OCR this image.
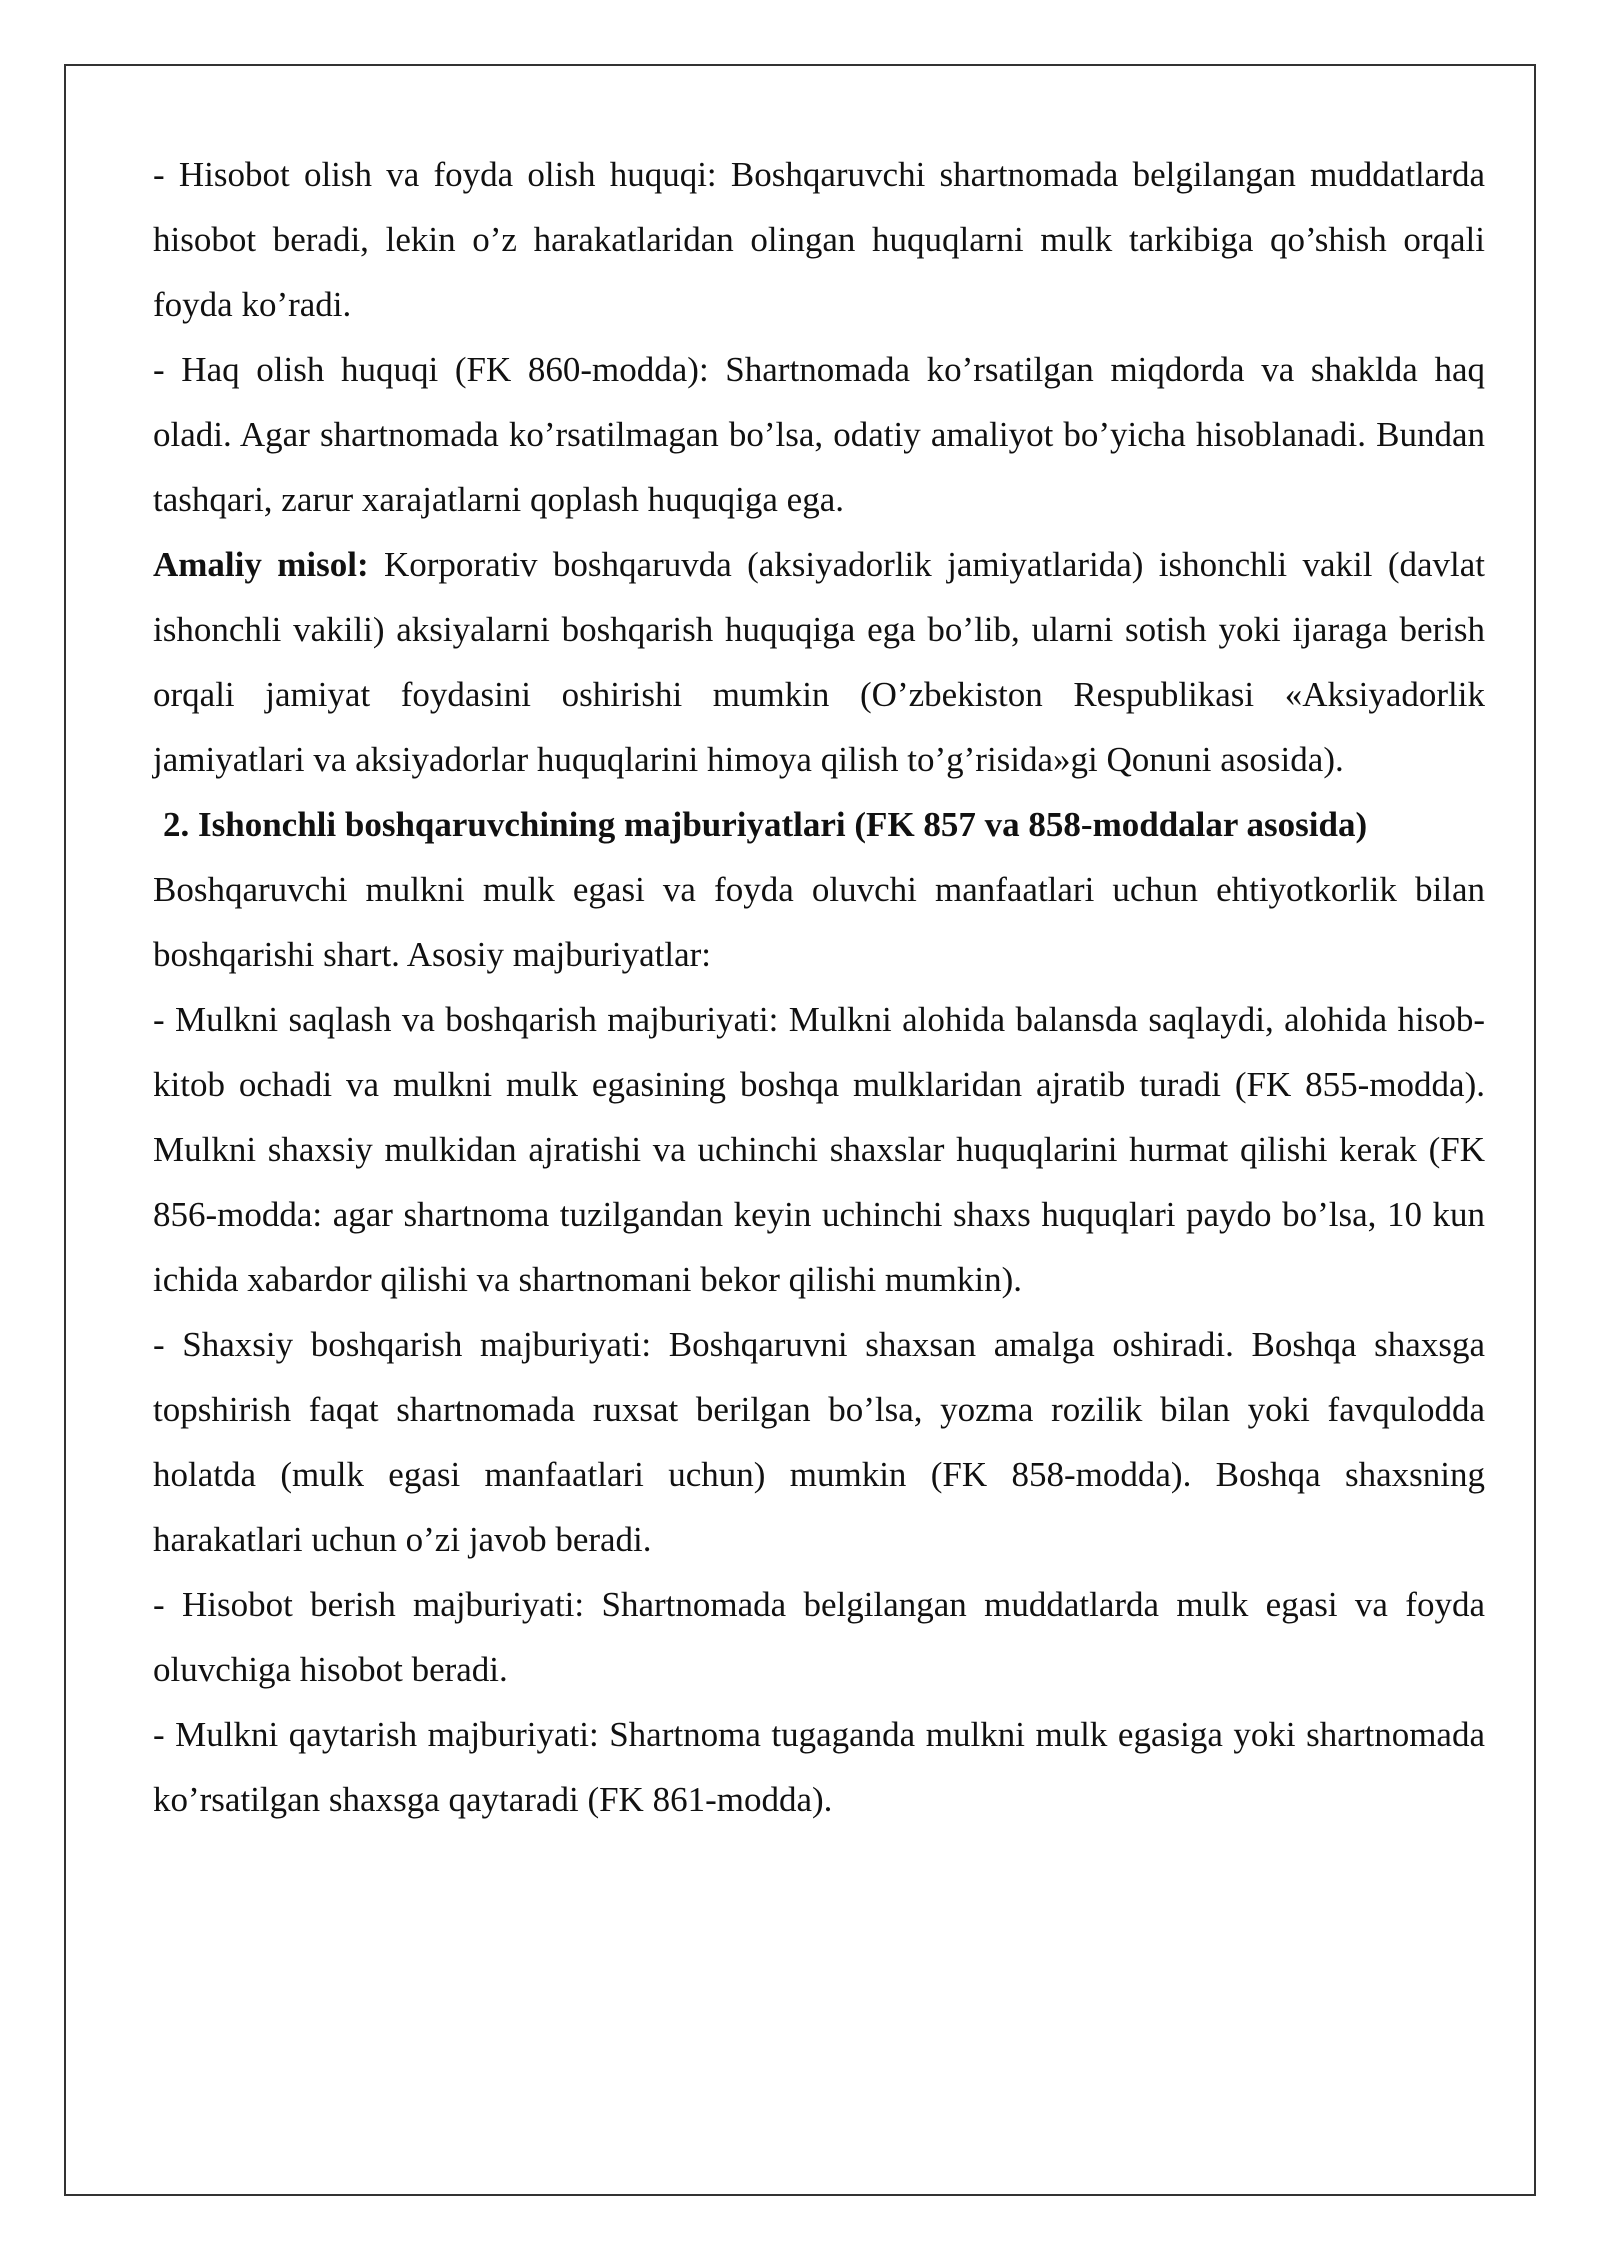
- Hisobot olish va foyda olish huquqi: Boshqaruvchi shartnomada belgilangan muddatlarda hisobot beradi, lekin o’z harakatlaridan olingan huquqlarni mulk tarkibiga qo’shish orqali foyda ko’radi.

- Haq olish huquqi (FK 860-modda): Shartnomada ko’rsatilgan miqdorda va shaklda haq oladi. Agar shartnomada ko’rsatilmagan bo’lsa, odatiy amaliyot bo’yicha hisoblanadi. Bundan tashqari, zarur xarajatlarni qoplash huquqiga ega.

Amaliy misol: Korporativ boshqaruvda (aksiyadorlik jamiyatlarida) ishonchli vakil (davlat ishonchli vakili) aksiyalarni boshqarish huquqiga ega bo’lib, ularni sotish yoki ijaraga berish orqali jamiyat foydasini oshirishi mumkin (O’zbekiston Respublikasi «Aksiyadorlik jamiyatlari va aksiyadorlar huquqlarini himoya qilish to’g’risida»gi Qonuni asosida).

2. Ishonchli boshqaruvchining majburiyatlari (FK 857 va 858-moddalar asosida)

Boshqaruvchi mulkni mulk egasi va foyda oluvchi manfaatlari uchun ehtiyotkorlik bilan boshqarishi shart. Asosiy majburiyatlar:

- Mulkni saqlash va boshqarish majburiyati: Mulkni alohida balansda saqlaydi, alohida hisob-kitob ochadi va mulkni mulk egasining boshqa mulklaridan ajratib turadi (FK 855-modda). Mulkni shaxsiy mulkidan ajratishi va uchinchi shaxslar huquqlarini hurmat qilishi kerak (FK 856-modda: agar shartnoma tuzilgandan keyin uchinchi shaxs huquqlari paydo bo’lsa, 10 kun ichida xabardor qilishi va shartnomani bekor qilishi mumkin).

- Shaxsiy boshqarish majburiyati: Boshqaruvni shaxsan amalga oshiradi. Boshqa shaxsga topshirish faqat shartnomada ruxsat berilgan bo’lsa, yozma rozilik bilan yoki favqulodda holatda (mulk egasi manfaatlari uchun) mumkin (FK 858-modda). Boshqa shaxsning harakatlari uchun o’zi javob beradi.

- Hisobot berish majburiyati: Shartnomada belgilangan muddatlarda mulk egasi va foyda oluvchiga hisobot beradi.

- Mulkni qaytarish majburiyati: Shartnoma tugaganda mulkni mulk egasiga yoki shartnomada ko’rsatilgan shaxsga qaytaradi (FK 861-modda).
